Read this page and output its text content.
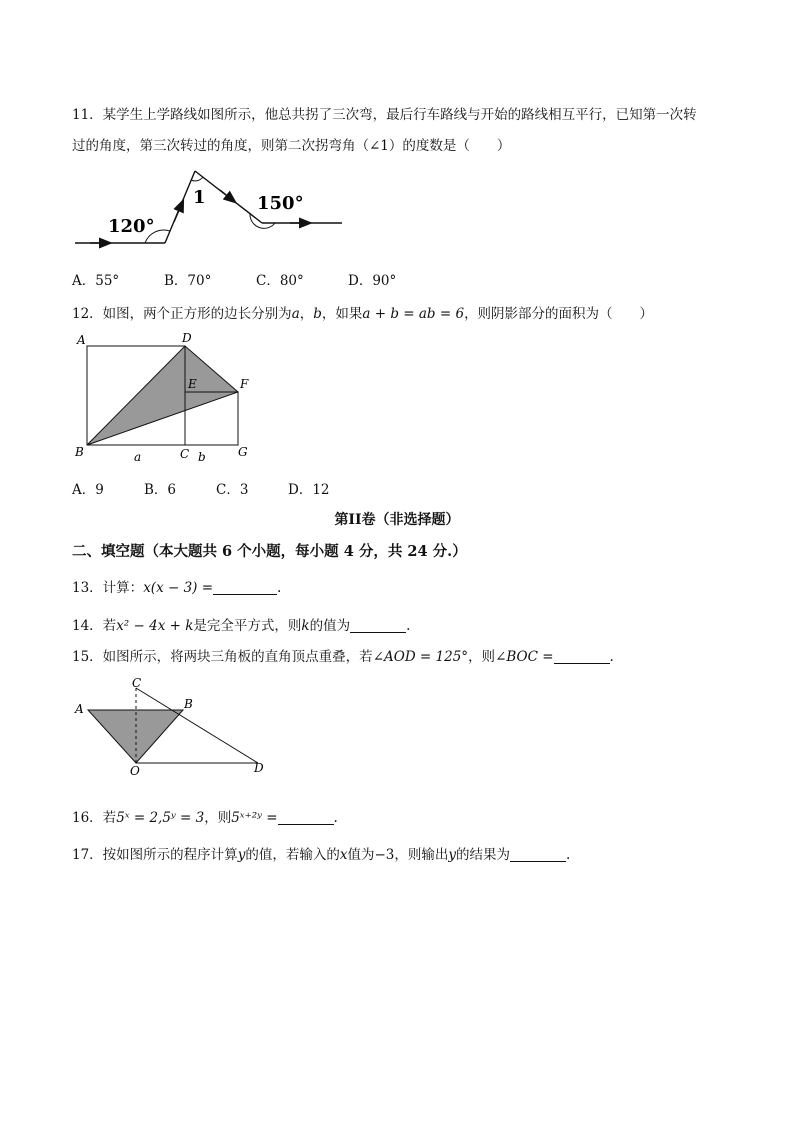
11．某学生上学路线如图所示，他总共拐了三次弯，最后行车路线与开始的路线相互平行，已知第一次转
过的角度，第三次转过的角度，则第二次拐弯角（∠1）的度数是（　　）
120°
1	150°
A．55°	B．70°	C．80°	D．90°
12．如图，两个正方形的边长分别为a，b，如果a + b = ab = 6，则阴影部分的面积为（　　）
A	D
E	F
B	C	G
a	b
A．9	B．6	C．3	D．12
第II卷（非选择题）
二、填空题（本大题共 6 个小题，每小题 4 分，共 24 分.）
13．计算：x(x − 3) =	.
14．若x² − 4x + k是完全平方式，则k的值为	.
15．如图所示，将两块三角板的直角顶点重叠，若∠AOD = 125°，则∠BOC =	.
C
A	B
O	D
16．若5ˣ = 2,5ʸ = 3，则5ˣ⁺²ʸ =	.
17．按如图所示的程序计算y的值，若输入的x值为−3，则输出y的结果为	.
